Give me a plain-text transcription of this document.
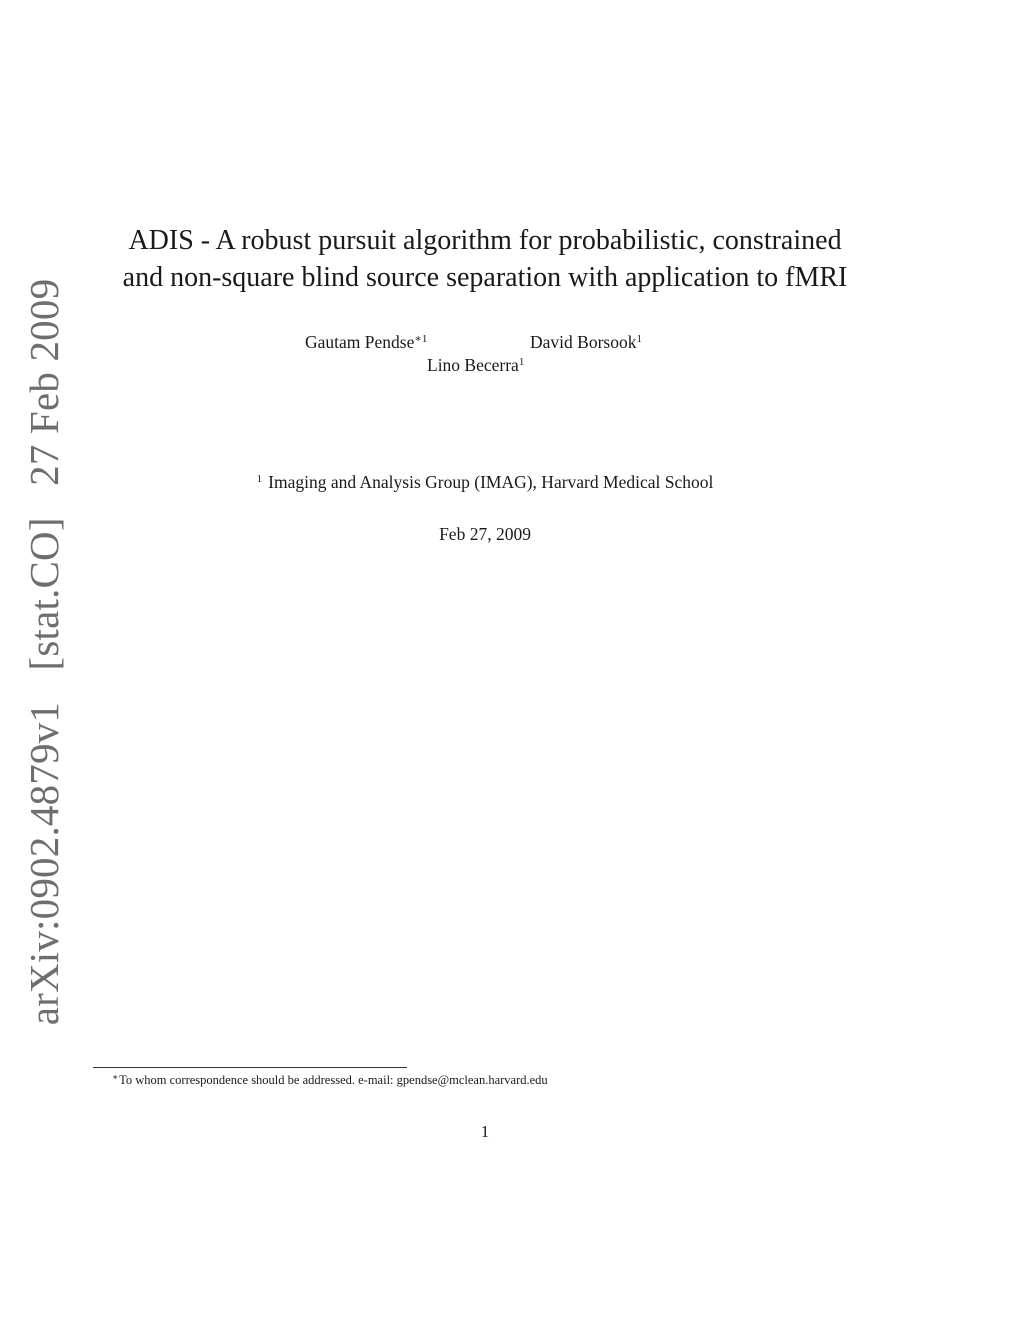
arXiv:0902.4879v1   [stat.CO]   27 Feb 2009
ADIS - A robust pursuit algorithm for probabilistic, constrained
and non-square blind source separation with application to fMRI
Gautam Pendse$^{∗1}$	David Borsook$^1$
Lino Becerra$^1$
$^1$ Imaging and Analysis Group (IMAG), Harvard Medical School
Feb 27, 2009
∗To whom correspondence should be addressed. e-mail: gpendse@mclean.harvard.edu
1
